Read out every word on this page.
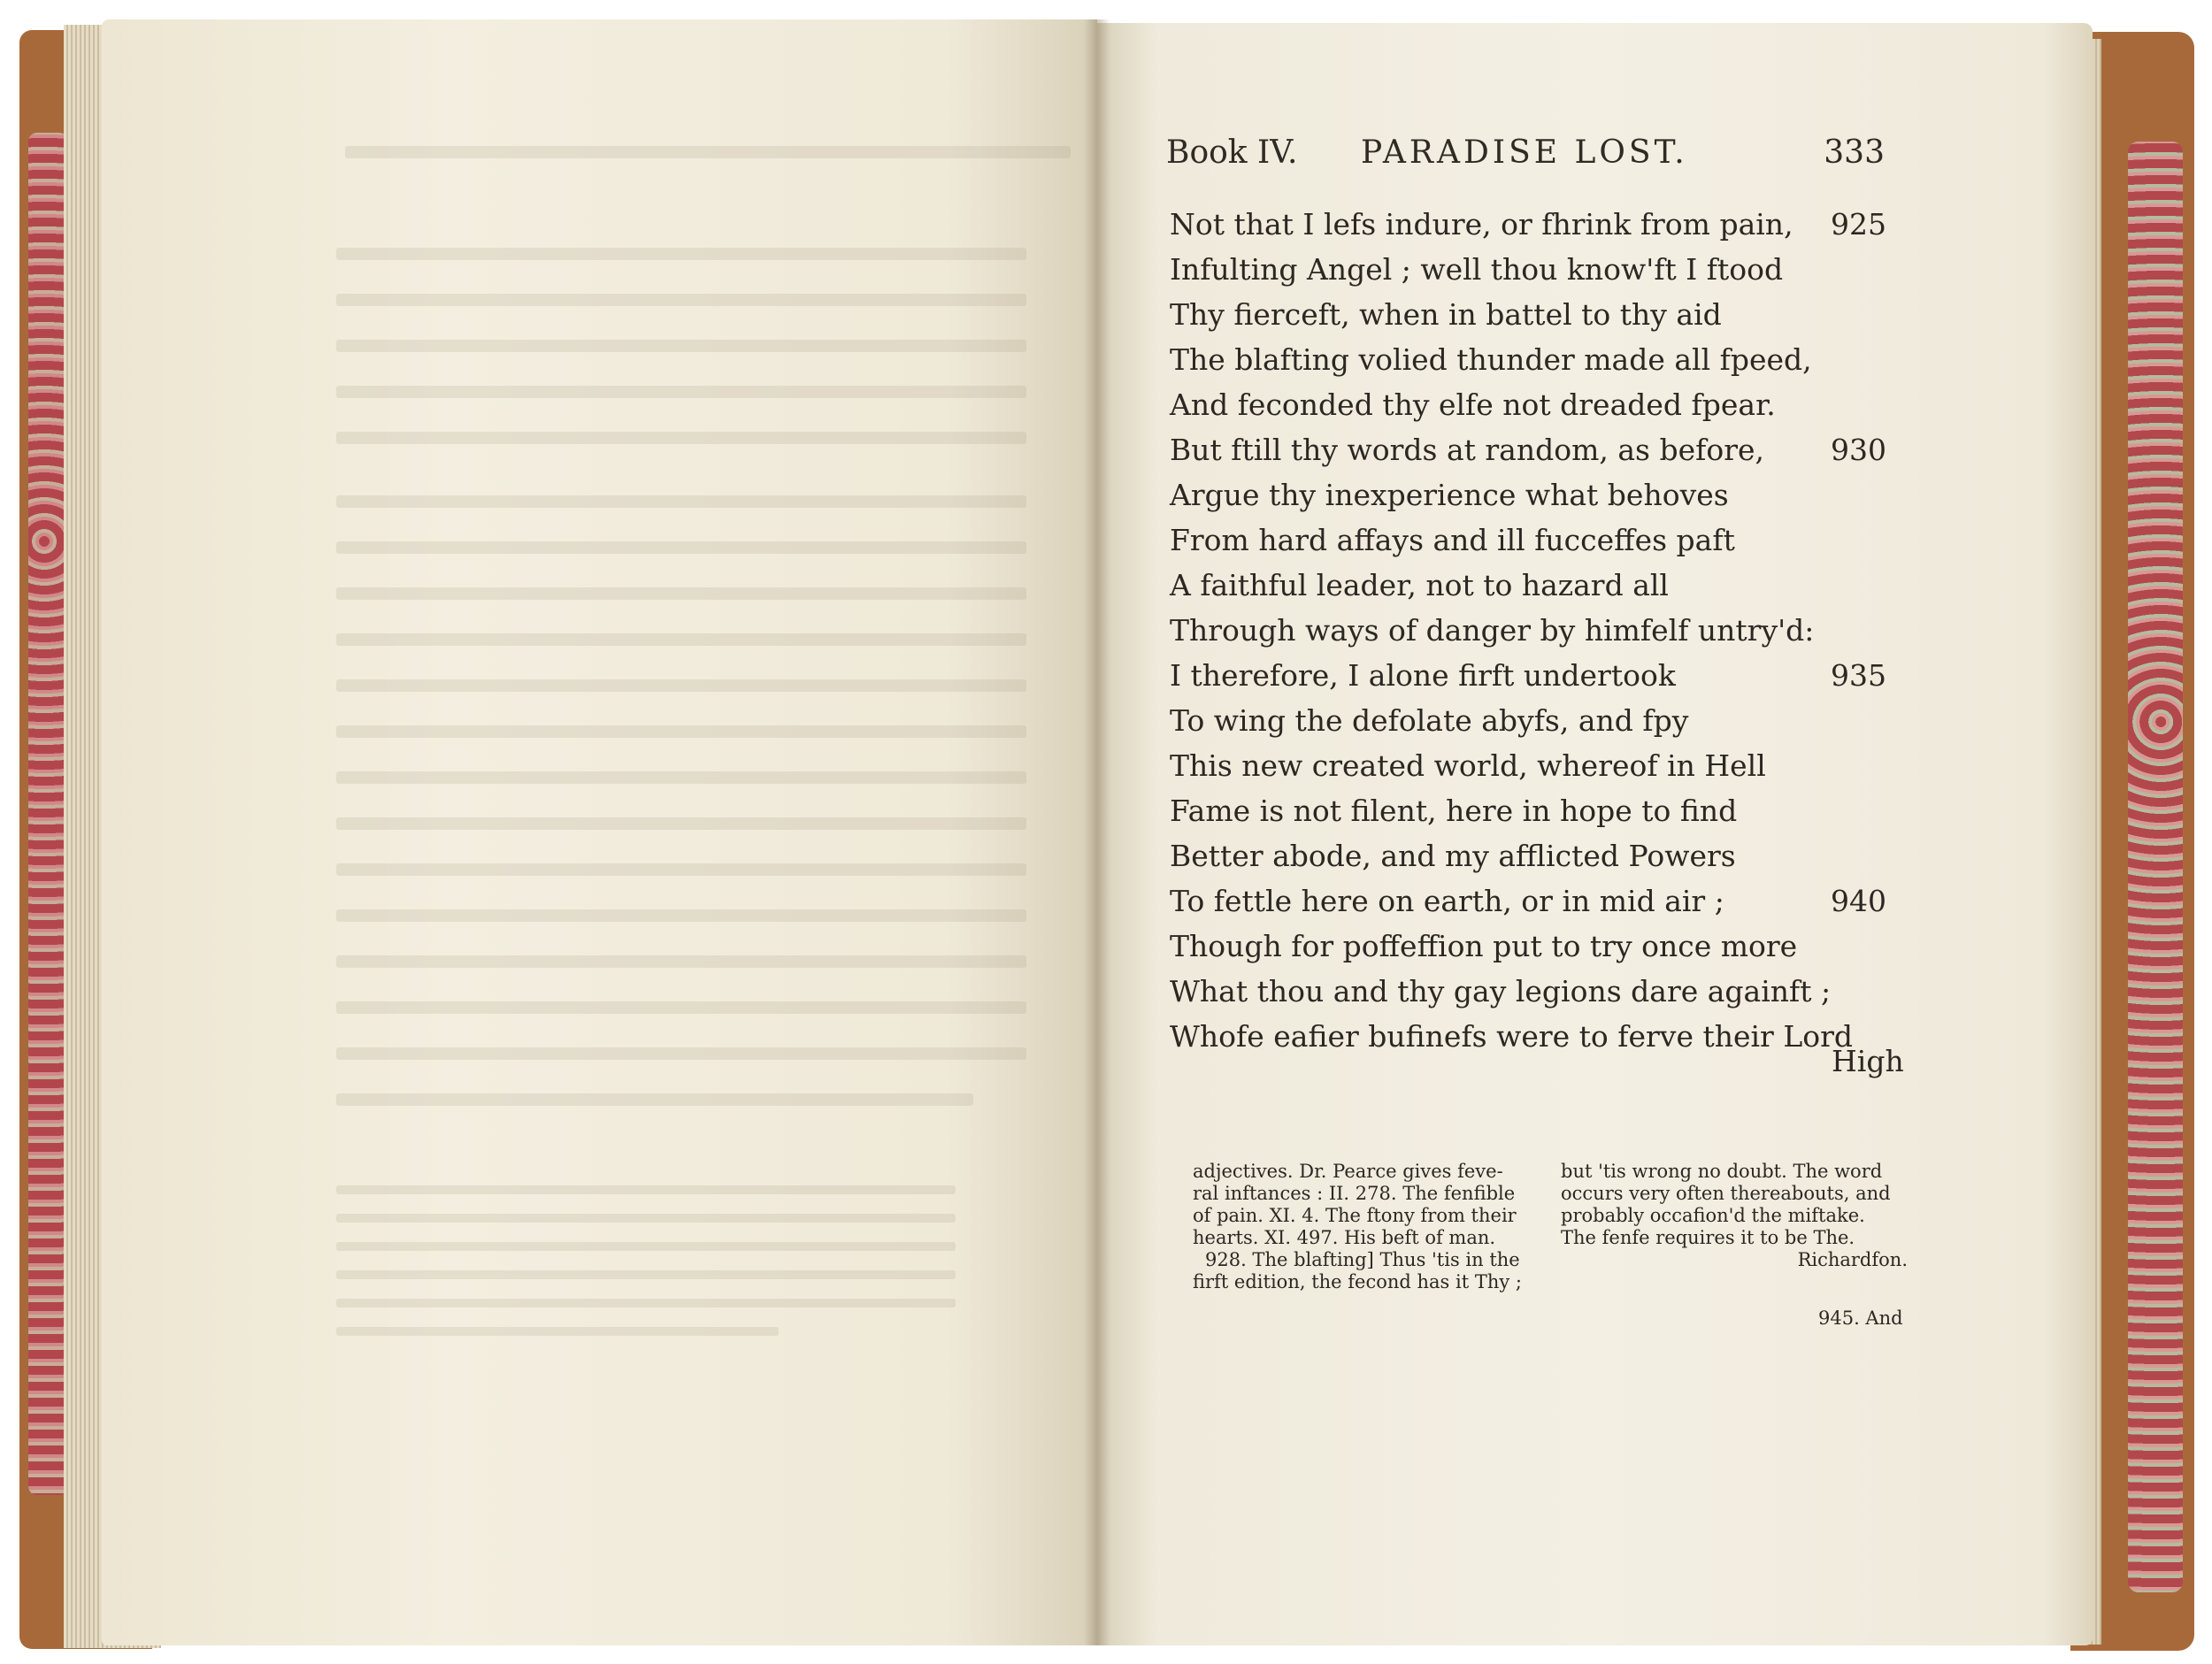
Book IV. PARADISE LOST.	333
Not that I lefs indure, or fhrink from pain, 925
Infulting Angel ; well thou know'ft I ftood
Thy fierceft, when in battel to thy aid
The blafting volied thunder made all fpeed,
And feconded thy elfe not dreaded fpear.
But ftill thy words at random, as before, 930
Argue thy inexperience what behoves
From hard affays and ill fucceffes paft
A faithful leader, not to hazard all
Through ways of danger by himfelf untry'd:
I therefore, I alone firft undertook	935
To wing the defolate abyfs, and fpy
This new created world, whereof in Hell
Fame is not filent, here in hope to find
Better abode, and my afflicted Powers
To fettle here on earth, or in mid air ;	940
Though for poffeffion put to try once more
What thou and thy gay legions dare againft ;
Whofe eafier bufinefs were to ferve their Lord
High
adjectives. Dr. Pearce gives feve-
ral inftances : II. 278. The fenfible
of pain. XI. 4. The ftony from their
hearts. XI. 497. His beft of man.
928. The blafting] Thus 'tis in the
firft edition, the fecond has it Thy ;
but 'tis wrong no doubt. The word
occurs very often thereabouts, and
probably occafion'd the miftake.
The fenfe requires it to be The.
Richardfon.
945. And
